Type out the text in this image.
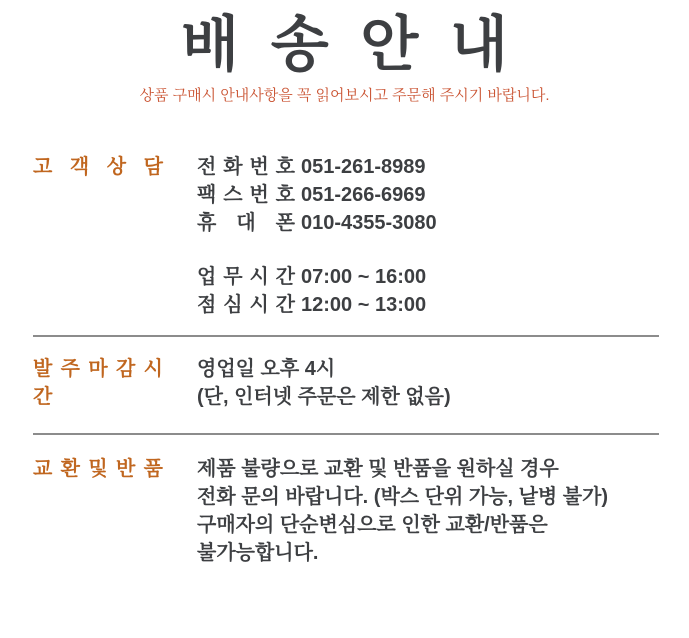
배 송 안 내

상품 구매시 안내사항을 꼭 읽어보시고 주문해 주시기 바랍니다.

고 객 상 담 전 화 번 호 051-261-8989
팩 스 번 호 051-266-6969
휴 대 폰 010-4355-3080
업 무 시 간 07:00 ~ 16:00
점 심 시 간 12:00 ~ 13:00
발 주 마 감 시 간
영업일 오후 4시
(단, 인터넷 주문은 제한 없음)
교 환 및 반 품 제품 불량으로 교환 및 반품을 원하실 경우
전화 문의 바랍니다. (박스 단위 가능, 낱병 불가)
구매자의 단순변심으로 인한 교환/반품은
불가능합니다.
